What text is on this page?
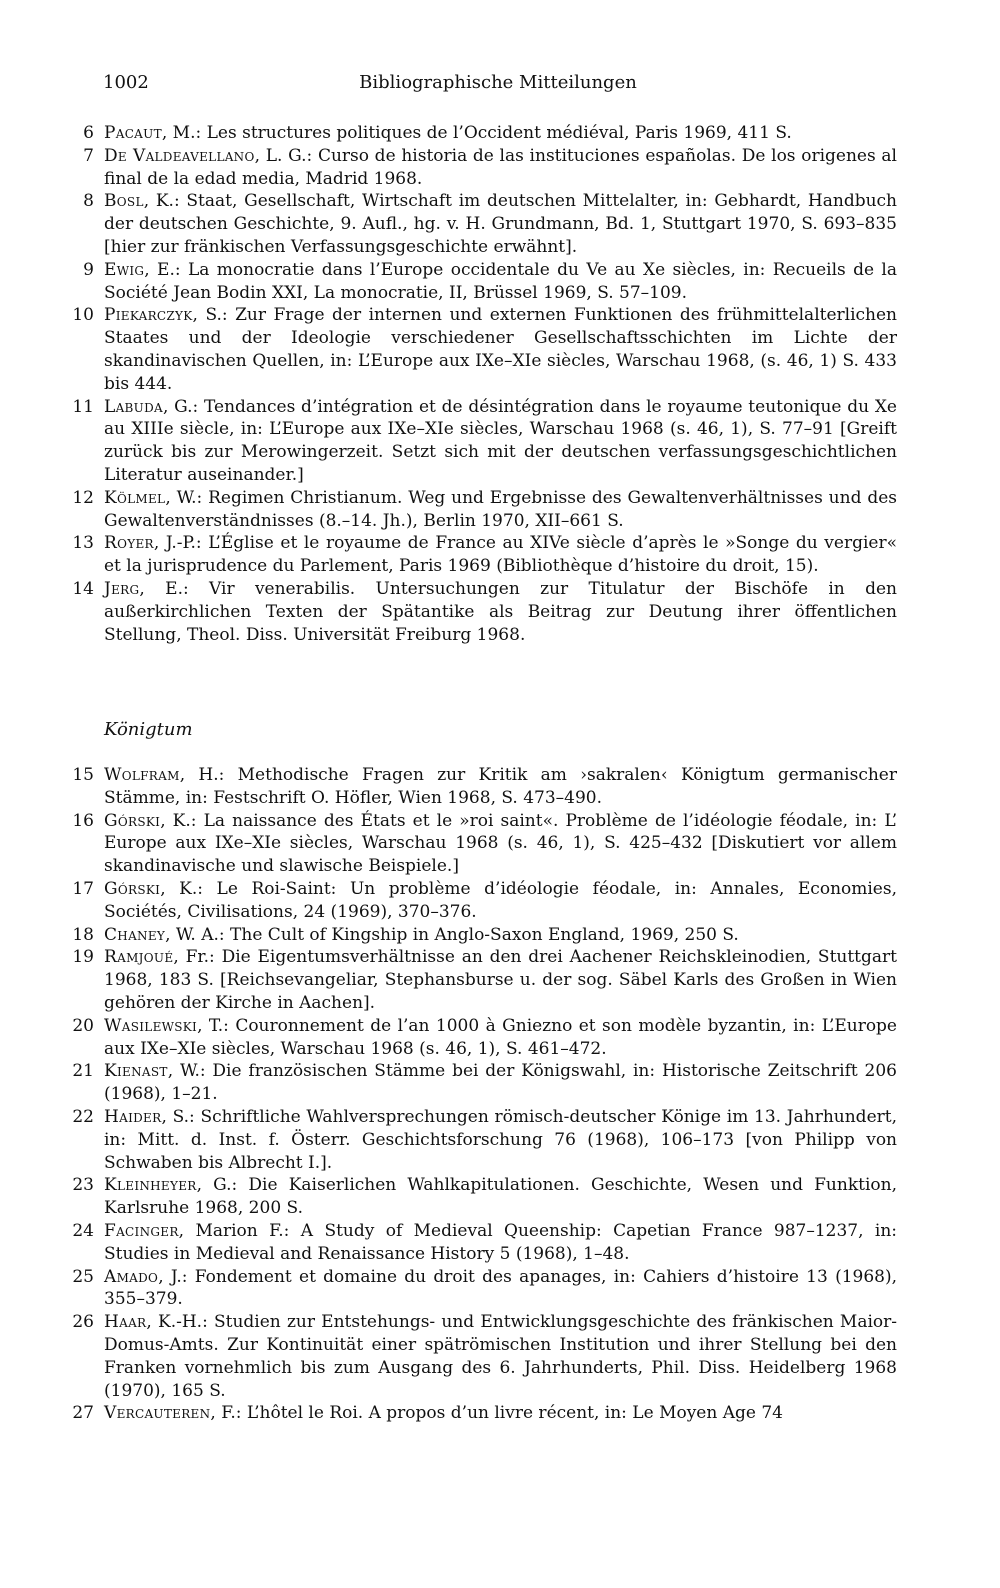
1002	Bibliographische Mitteilungen
6 Pacaut, M.: Les structures politiques de l’Occident médiéval, Paris 1969, 411 S.
7 De Valdeavellano, L. G.: Curso de historia de las instituciones españolas. De los origenes al final de la edad media, Madrid 1968.
8 Bosl, K.: Staat, Gesellschaft, Wirtschaft im deutschen Mittelalter, in: Gebhardt, Handbuch der deutschen Geschichte, 9. Aufl., hg. v. H. Grundmann, Bd. 1, Stuttgart 1970, S. 693–835 [hier zur fränkischen Verfassungsgeschichte erwähnt].
9 Ewig, E.: La monocratie dans l’Europe occidentale du Ve au Xe siècles, in: Recueils de la Société Jean Bodin XXI, La monocratie, II, Brüssel 1969, S. 57–109.
10 Piekarczyk, S.: Zur Frage der internen und externen Funktionen des frühmittelalterlichen Staates und der Ideologie verschiedener Gesellschaftsschichten im Lichte der skandinavischen Quellen, in: L’Europe aux IXe–XIe siècles, Warschau 1968, (s. 46, 1) S. 433 bis 444.
11 Labuda, G.: Tendances d’intégration et de désintégration dans le royaume teutonique du Xe au XIIIe siècle, in: L’Europe aux IXe–XIe siècles, Warschau 1968 (s. 46, 1), S. 77–91 [Greift zurück bis zur Merowingerzeit. Setzt sich mit der deutschen verfassungsgeschichtlichen Literatur auseinander.]
12 Kölmel, W.: Regimen Christianum. Weg und Ergebnisse des Gewaltenverhältnisses und des Gewaltenverständnisses (8.–14. Jh.), Berlin 1970, XII–661 S.
13 Royer, J.-P.: L’Église et le royaume de France au XIVe siècle d’après le »Songe du vergier« et la jurisprudence du Parlement, Paris 1969 (Bibliothèque d’histoire du droit, 15).
14 Jerg, E.: Vir venerabilis. Untersuchungen zur Titulatur der Bischöfe in den außerkirchlichen Texten der Spätantike als Beitrag zur Deutung ihrer öffentlichen Stellung, Theol. Diss. Universität Freiburg 1968.
Königtum
15 Wolfram, H.: Methodische Fragen zur Kritik am ›sakralen‹ Königtum germanischer Stämme, in: Festschrift O. Höfler, Wien 1968, S. 473–490.
16 Górski, K.: La naissance des États et le »roi saint«. Problème de l’idéologie féodale, in: L’ Europe aux IXe–XIe siècles, Warschau 1968 (s. 46, 1), S. 425–432 [Diskutiert vor allem skandinavische und slawische Beispiele.]
17 Górski, K.: Le Roi-Saint: Un problème d’idéologie féodale, in: Annales, Economies, Sociétés, Civilisations, 24 (1969), 370–376.
18 Chaney, W. A.: The Cult of Kingship in Anglo-Saxon England, 1969, 250 S.
19 Ramjoué, Fr.: Die Eigentumsverhältnisse an den drei Aachener Reichskleinodien, Stuttgart 1968, 183 S. [Reichsevangeliar, Stephansburse u. der sog. Säbel Karls des Großen in Wien gehören der Kirche in Aachen].
20 Wasilewski, T.: Couronnement de l’an 1000 à Gniezno et son modèle byzantin, in: L’Europe aux IXe–XIe siècles, Warschau 1968 (s. 46, 1), S. 461–472.
21 Kienast, W.: Die französischen Stämme bei der Königswahl, in: Historische Zeitschrift 206 (1968), 1–21.
22 Haider, S.: Schriftliche Wahlversprechungen römisch-deutscher Könige im 13. Jahrhundert, in: Mitt. d. Inst. f. Österr. Geschichtsforschung 76 (1968), 106–173 [von Philipp von Schwaben bis Albrecht I.].
23 Kleinheyer, G.: Die Kaiserlichen Wahlkapitulationen. Geschichte, Wesen und Funktion, Karlsruhe 1968, 200 S.
24 Facinger, Marion F.: A Study of Medieval Queenship: Capetian France 987–1237, in: Studies in Medieval and Renaissance History 5 (1968), 1–48.
25 Amado, J.: Fondement et domaine du droit des apanages, in: Cahiers d’histoire 13 (1968), 355–379.
26 Haar, K.-H.: Studien zur Entstehungs- und Entwicklungsgeschichte des fränkischen Maior-Domus-Amts. Zur Kontinuität einer spätrömischen Institution und ihrer Stellung bei den Franken vornehmlich bis zum Ausgang des 6. Jahrhunderts, Phil. Diss. Heidelberg 1968 (1970), 165 S.
27 Vercauteren, F.: L’hôtel le Roi. A propos d’un livre récent, in: Le Moyen Age 74
